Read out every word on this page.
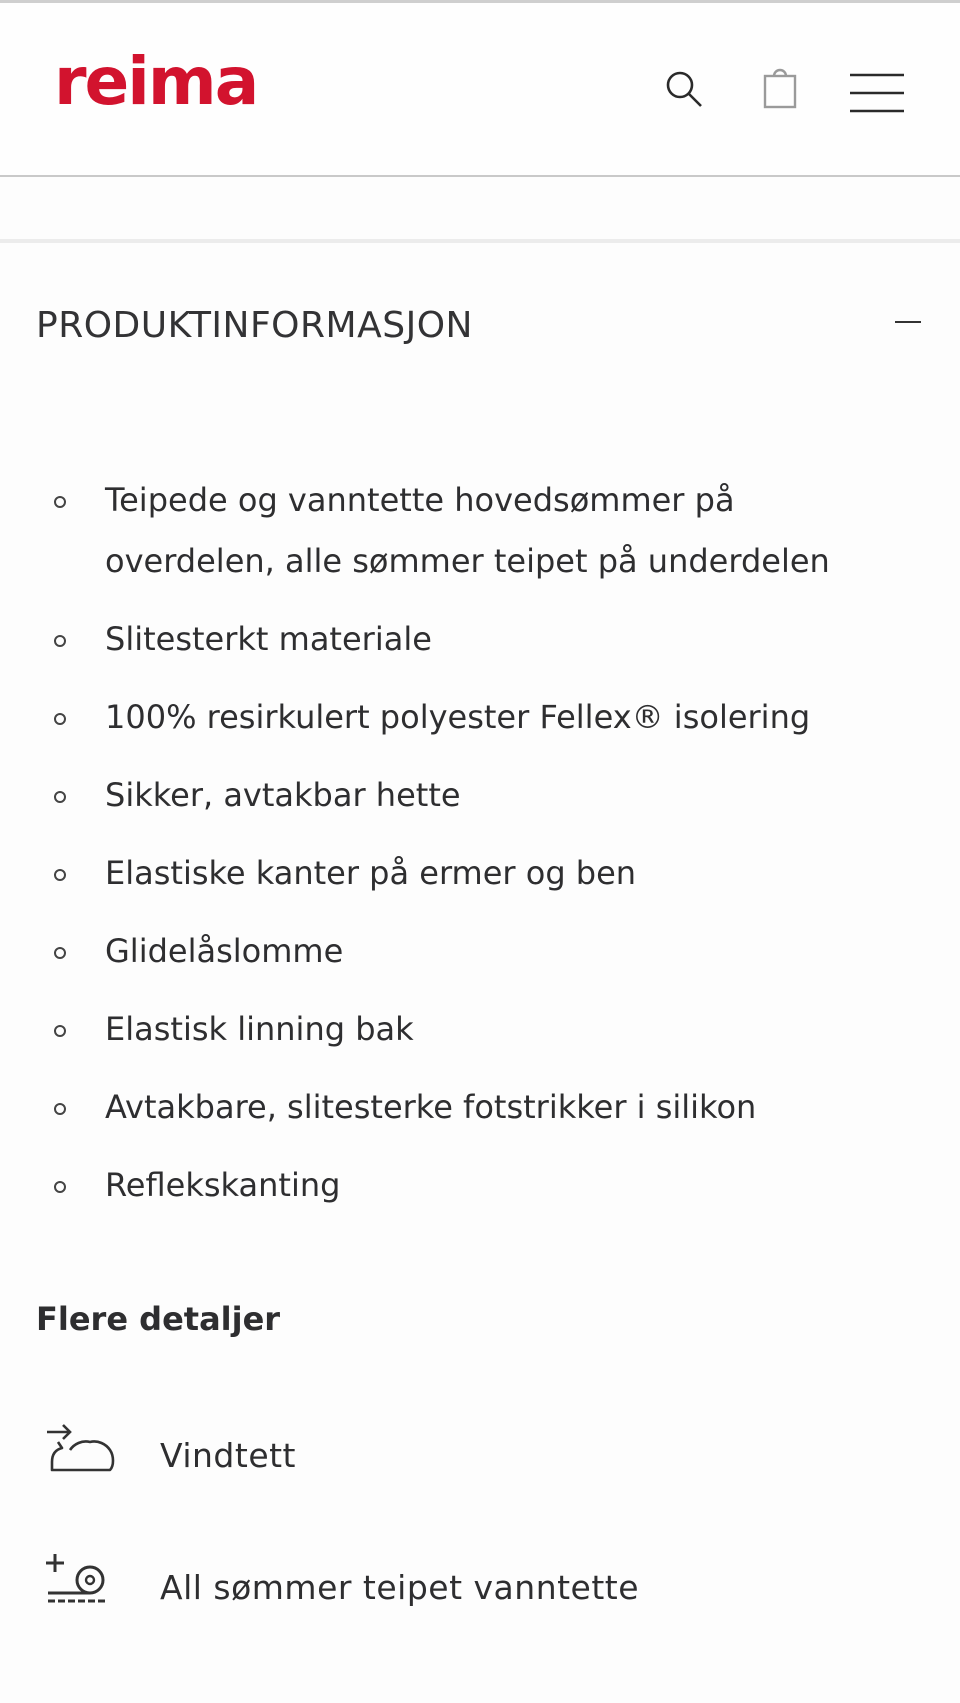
reima
PRODUKTINFORMASJON
Teipede og vanntette hovedsømmer på overdelen, alle sømmer teipet på underdelen
Slitesterkt materiale
100% resirkulert polyester Fellex® isolering
Sikker, avtakbar hette
Elastiske kanter på ermer og ben
Glidelåslomme
Elastisk linning bak
Avtakbare, slitesterke fotstrikker i silikon
Reflekskanting
Flere detaljer
Vindtett
All sømmer teipet vanntette
